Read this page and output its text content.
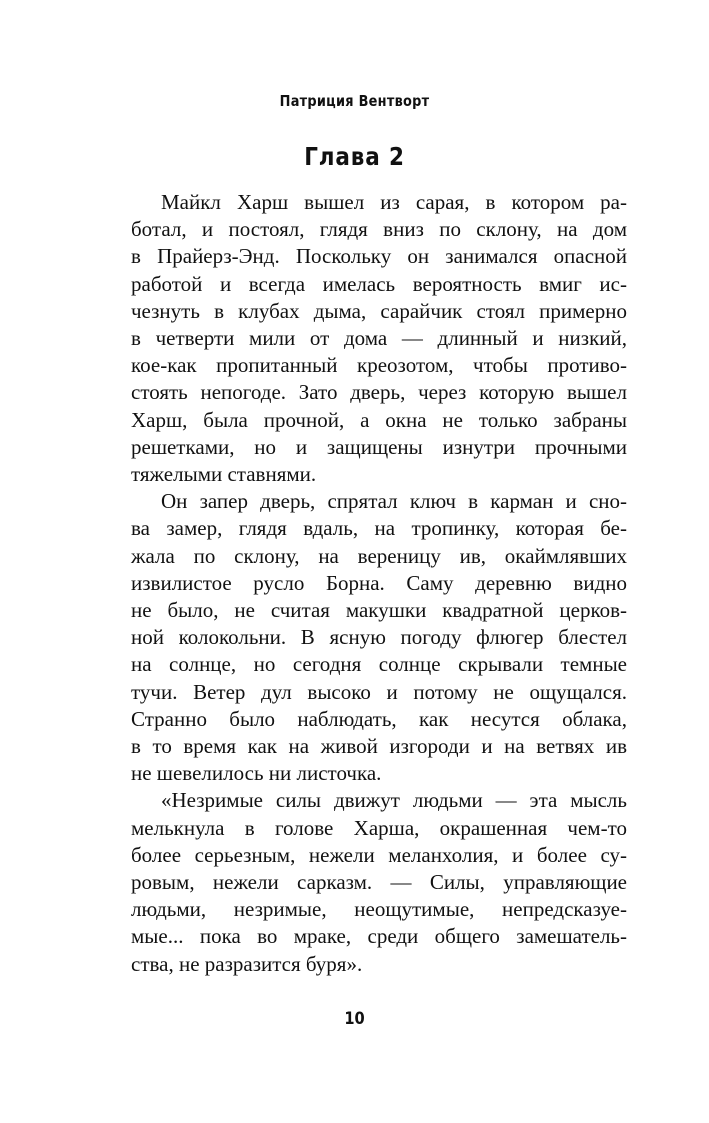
Патриция Вентворт
Глава 2

Майкл Харш вышел из сарая, в котором ра-
ботал, и постоял, глядя вниз по склону, на дом
в Прайерз-Энд. Поскольку он занимался опасной
работой и всегда имелась вероятность вмиг ис-
чезнуть в клубах дыма, сарайчик стоял примерно
в четверти мили от дома — длинный и низкий,
кое-как пропитанный креозотом, чтобы противо-
стоять непогоде. Зато дверь, через которую вышел
Харш, была прочной, а окна не только забраны
решетками, но и защищены изнутри прочными
тяжелыми ставнями.

Он запер дверь, спрятал ключ в карман и сно-
ва замер, глядя вдаль, на тропинку, которая бе-
жала по склону, на вереницу ив, окаймлявших
извилистое русло Борна. Саму деревню видно
не было, не считая макушки квадратной церков-
ной колокольни. В ясную погоду флюгер блестел
на солнце, но сегодня солнце скрывали темные
тучи. Ветер дул высоко и потому не ощущался.
Странно было наблюдать, как несутся облака,
в то время как на живой изгороди и на ветвях ив
не шевелилось ни листочка.

«Незримые силы движут людьми — эта мысль
мелькнула в голове Харша, окрашенная чем-то
более серьезным, нежели меланхолия, и более су-
ровым, нежели сарказм. — Силы, управляющие
людьми, незримые, неощутимые, непредсказуе-
мые... пока во мраке, среди общего замешатель-
ства, не разразится буря».

10
